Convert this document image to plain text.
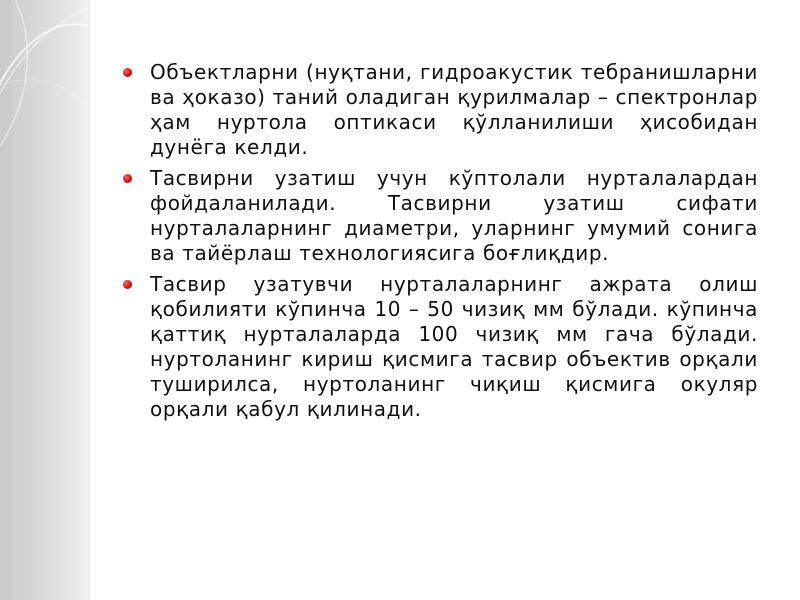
Объектларни (нуқтани, гидроакустик тебранишларни ва ҳоказо) таний оладиган қурилмалар – спектронлар ҳам нуртола оптикаси қўлланилиши ҳисобидан дунёга келди.
Тасвирни узатиш учун кўптолали нурталалардан фойдаланилади. Тасвирни узатиш сифати нурталаларнинг диаметри, уларнинг умумий сонига ва тайёрлаш технологиясига боғлиқдир.
Тасвир узатувчи нурталаларнинг ажрата олиш қобилияти кўпинча 10 – 50 чизиқ мм бўлади. кўпинча қаттиқ нурталаларда 100 чизиқ мм гача бўлади. нуртоланинг кириш қисмига тасвир объектив орқали туширилса, нуртоланинг чиқиш қисмига окуляр орқали қабул қилинади.
